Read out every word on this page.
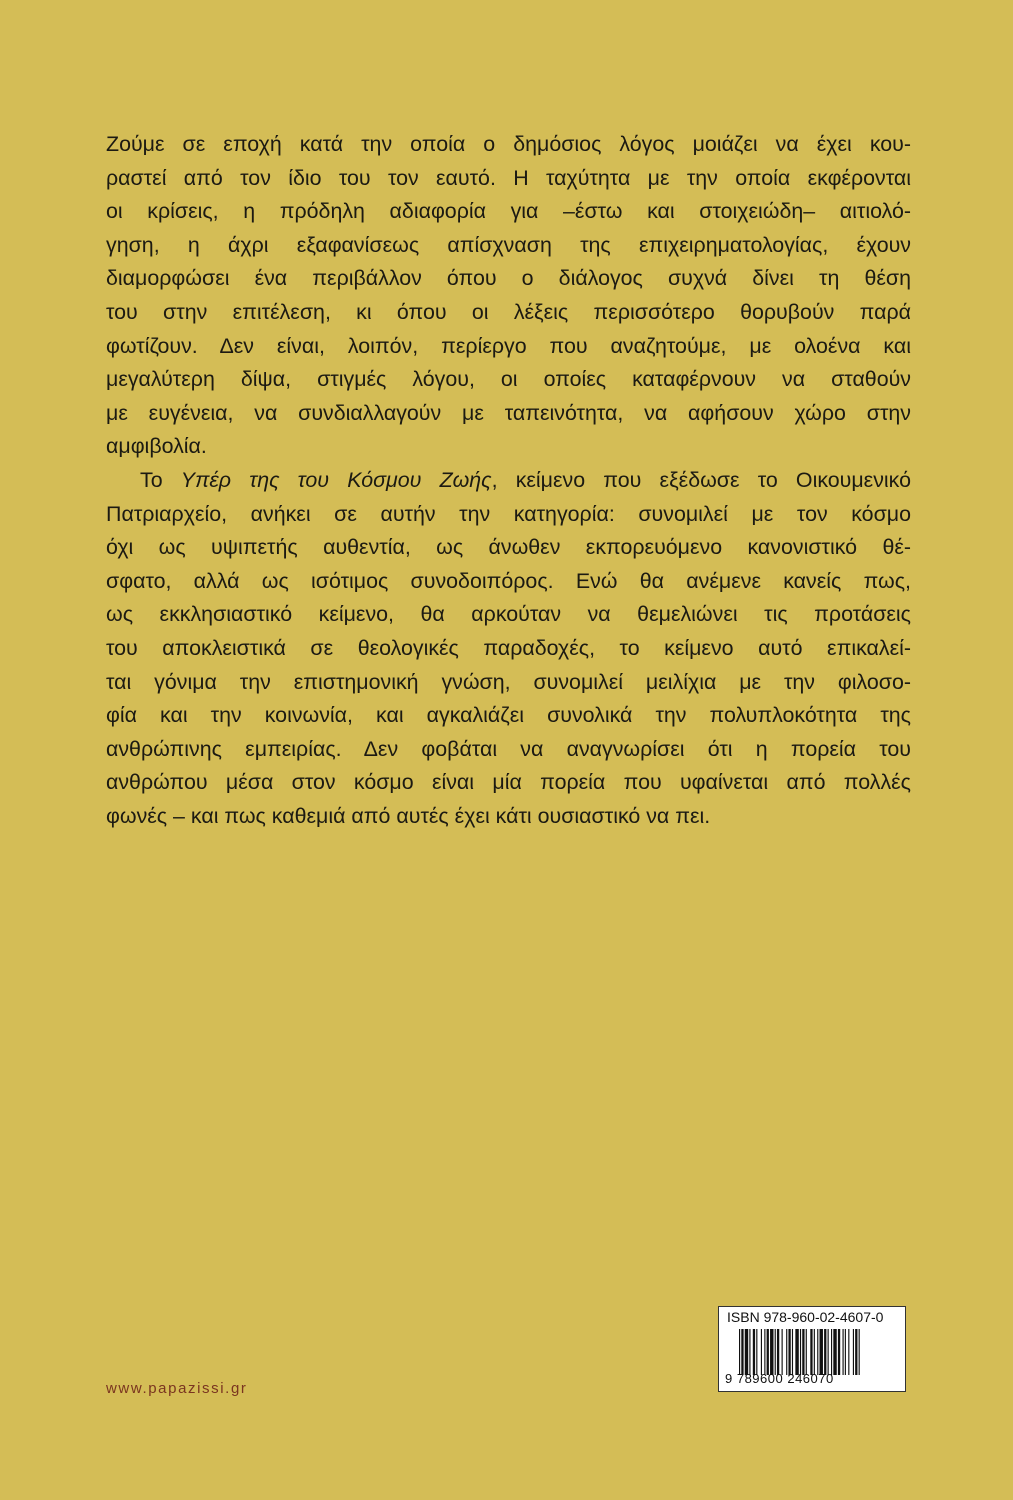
Ζούμε σε εποχή κατά την οποία ο δημόσιος λόγος μοιάζει να έχει κου-
ραστεί από τον ίδιο του τον εαυτό. Η ταχύτητα με την οποία εκφέρονται
οι κρίσεις, η πρόδηλη αδιαφορία για –έστω και στοιχειώδη– αιτιολό-
γηση, η άχρι εξαφανίσεως απίσχναση της επιχειρηματολογίας, έχουν
διαμορφώσει ένα περιβάλλον όπου ο διάλογος συχνά δίνει τη θέση
του στην επιτέλεση, κι όπου οι λέξεις περισσότερο θορυβούν παρά
φωτίζουν. Δεν είναι, λοιπόν, περίεργο που αναζητούμε, με ολοένα και
μεγαλύτερη δίψα, στιγμές λόγου, οι οποίες καταφέρνουν να σταθούν
με ευγένεια, να συνδιαλλαγούν με ταπεινότητα, να αφήσουν χώρο στην
αμφιβολία.
Το Υπέρ της του Κόσμου Ζωής, κείμενο που εξέδωσε το Οικουμενικό
Πατριαρχείο, ανήκει σε αυτήν την κατηγορία: συνομιλεί με τον κόσμο
όχι ως υψιπετής αυθεντία, ως άνωθεν εκπορευόμενο κανονιστικό θέ-
σφατο, αλλά ως ισότιμος συνοδοιπόρος. Ενώ θα ανέμενε κανείς πως,
ως εκκλησιαστικό κείμενο, θα αρκούταν να θεμελιώνει τις προτάσεις
του αποκλειστικά σε θεολογικές παραδοχές, το κείμενο αυτό επικαλεί-
ται γόνιμα την επιστημονική γνώση, συνομιλεί μειλίχια με την φιλοσο-
φία και την κοινωνία, και αγκαλιάζει συνολικά την πολυπλοκότητα της
ανθρώπινης εμπειρίας. Δεν φοβάται να αναγνωρίσει ότι η πορεία του
ανθρώπου μέσα στον κόσμο είναι μία πορεία που υφαίνεται από πολλές
φωνές – και πως καθεμιά από αυτές έχει κάτι ουσιαστικό να πει.
www.papazissi.gr
ISBN 978-960-02-4607-0
9 789600 246070
